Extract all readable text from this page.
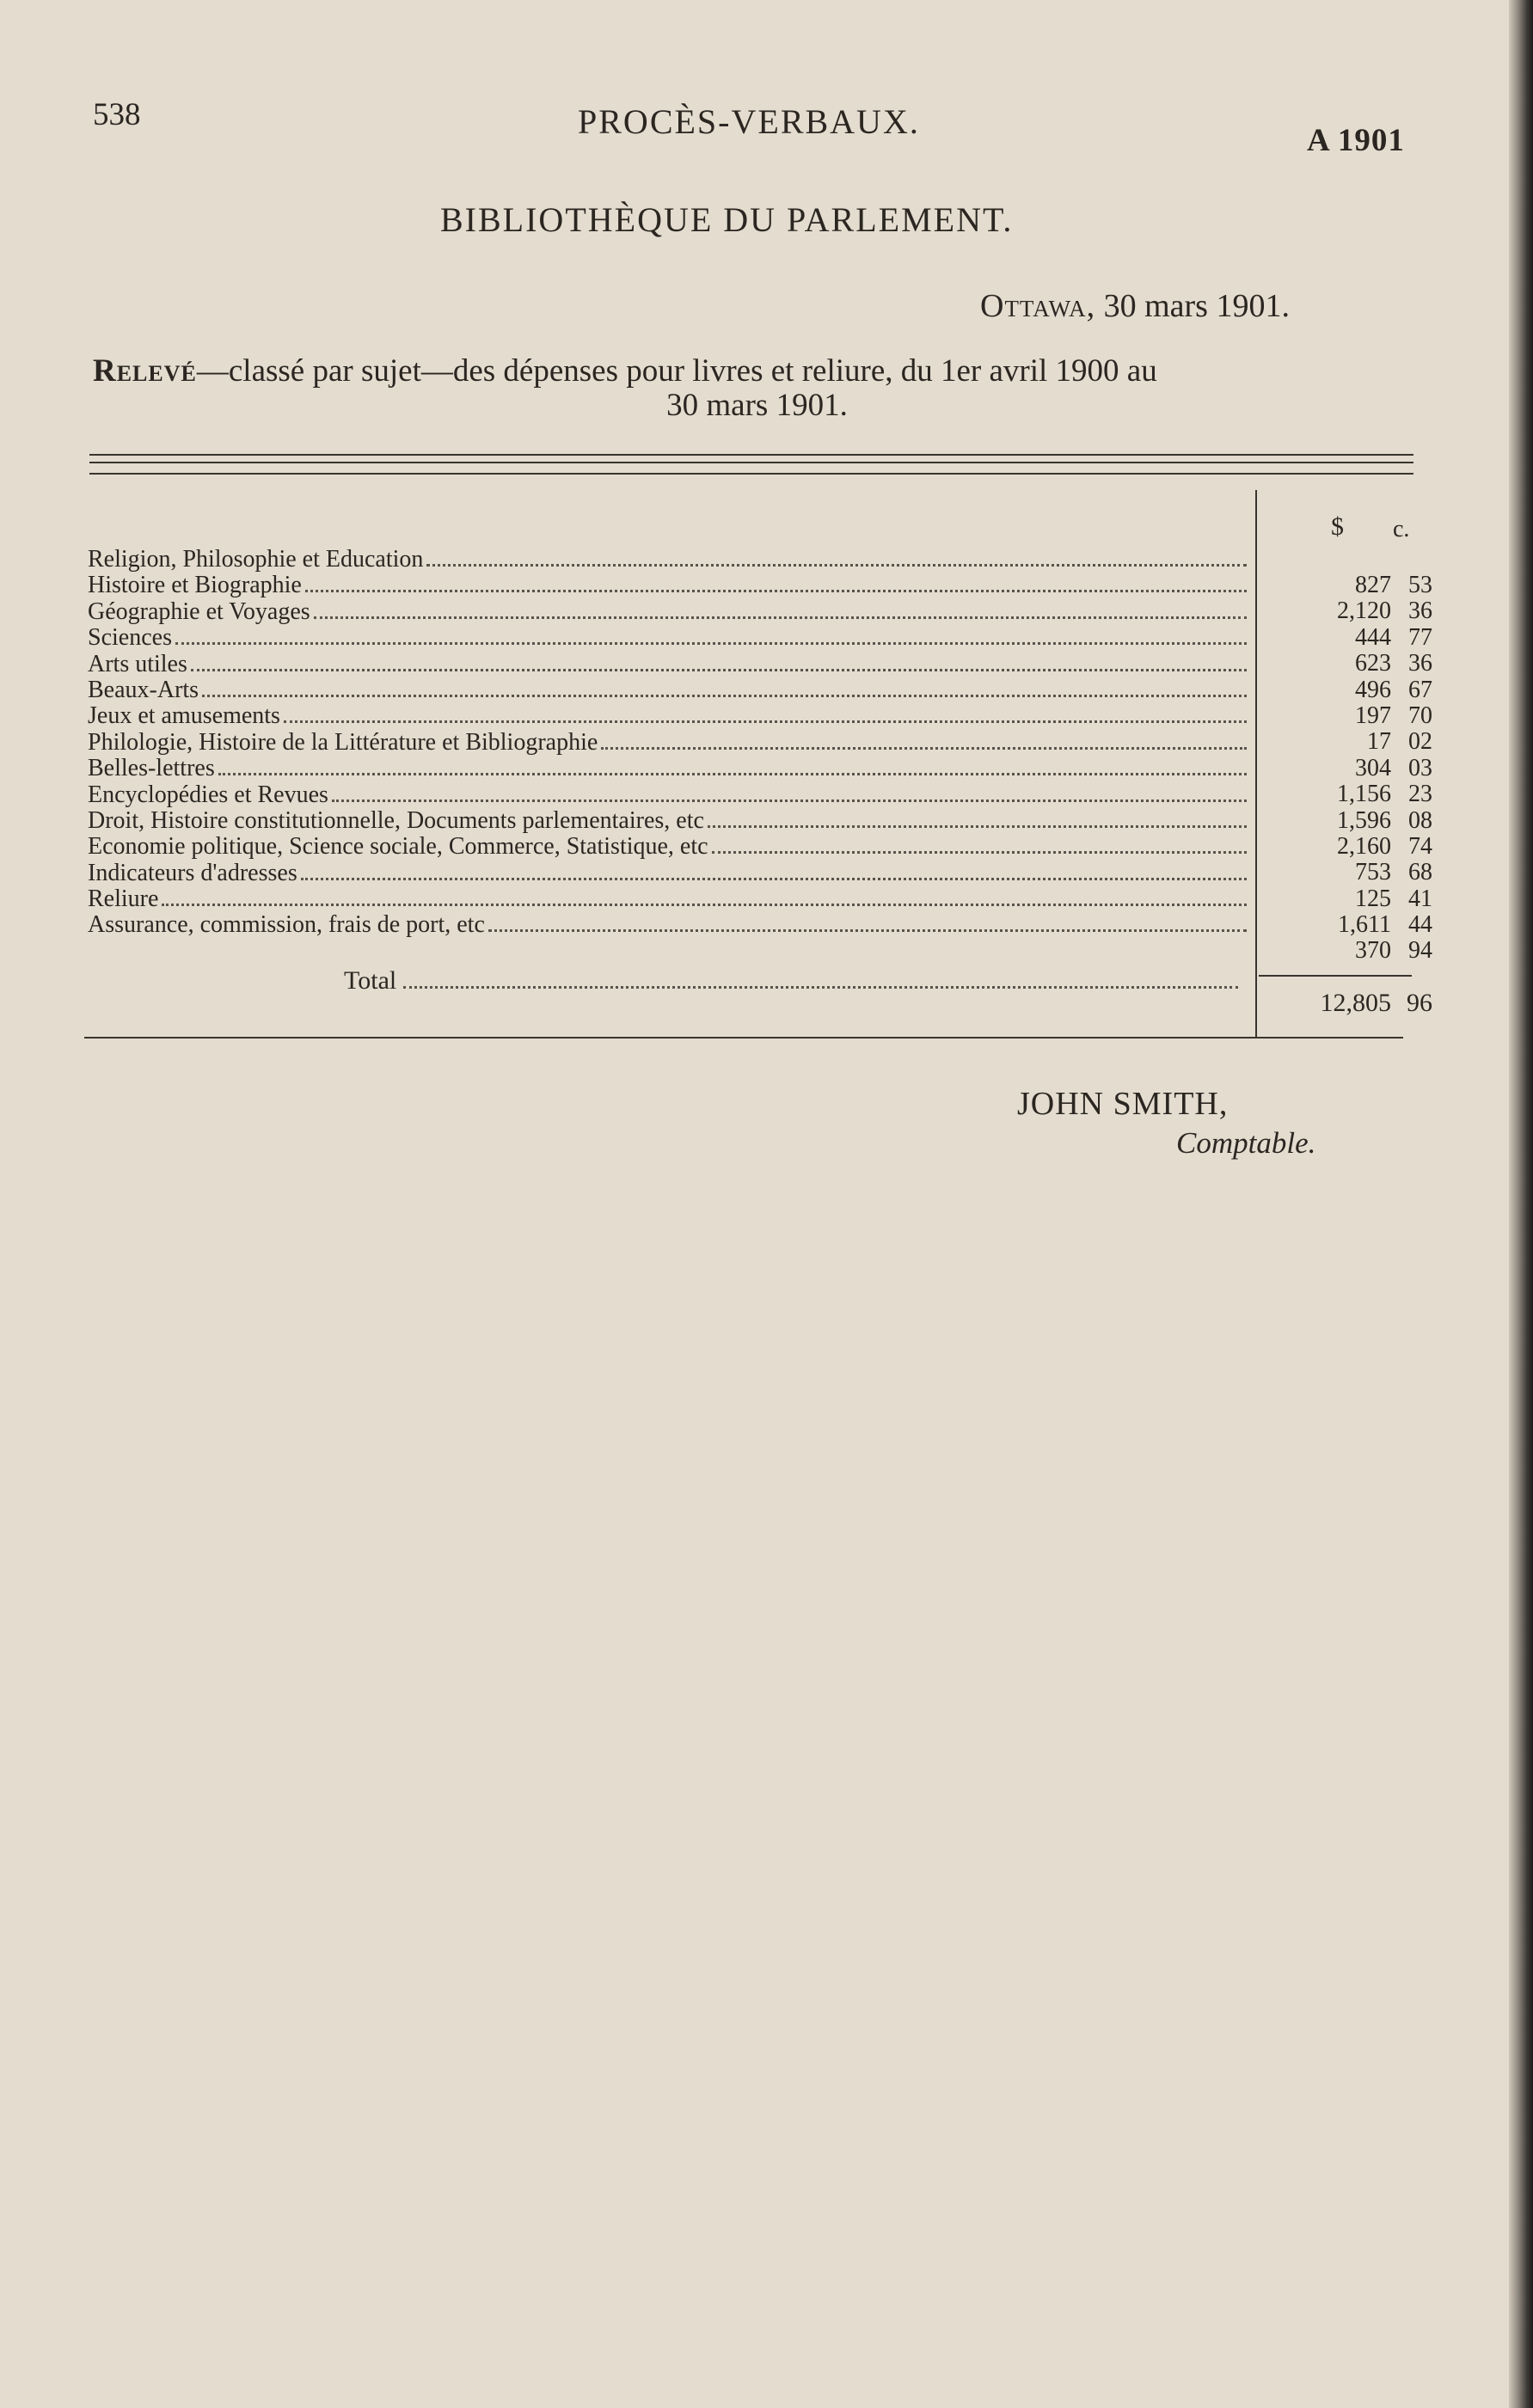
538	PROCÈS-VERBAUX.	A 1901
BIBLIOTHÈQUE DU PARLEMENT.
Ottawa, 30 mars 1901.
Relevé—classé par sujet—des dépenses pour livres et reliure, du 1er avril 1900 au
30 mars 1901.
$ c.
Religion, Philosophie et Education
Histoire et Biographie
Géographie et Voyages
Sciences
Arts utiles
Beaux-Arts
Jeux et amusements
Philologie, Histoire de la Littérature et Bibliographie
Belles-lettres
Encyclopédies et Revues
Droit, Histoire constitutionnelle, Documents parlementaires, etc
Economie politique, Science sociale, Commerce, Statistique, etc
Indicateurs d'adresses
Reliure
Assurance, commission, frais de port, etc
827 53
2,120 36
444 77
623 36
496 67
197 70
17 02
304 03
1,156 23
1,596 08
2,160 74
753 68
125 41
1,611 44
370 94
Total
12,805 96
JOHN SMITH,
Comptable.
